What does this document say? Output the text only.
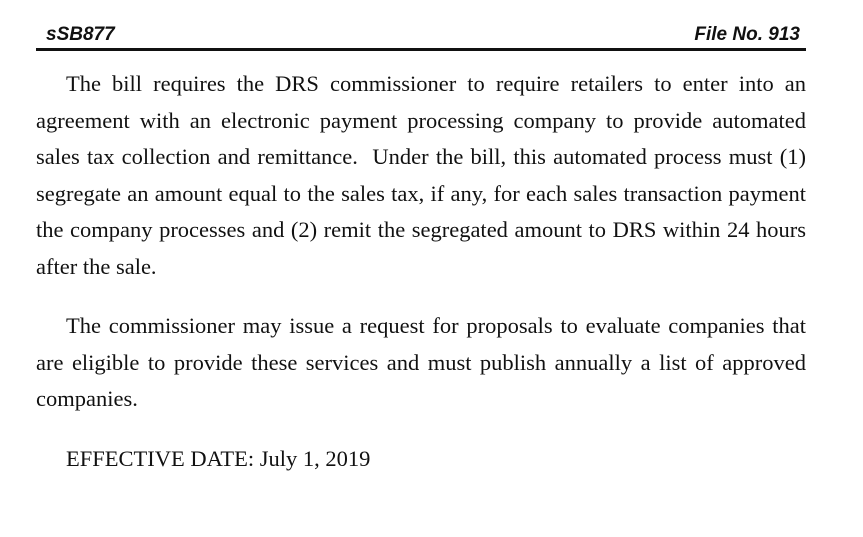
sSB877	File No. 913

The bill requires the DRS commissioner to require retailers to enter into an agreement with an electronic payment processing company to provide automated sales tax collection and remittance.  Under the bill, this automated process must (1) segregate an amount equal to the sales tax, if any, for each sales transaction payment the company processes and (2) remit the segregated amount to DRS within 24 hours after the sale.

The commissioner may issue a request for proposals to evaluate companies that are eligible to provide these services and must publish annually a list of approved companies.

EFFECTIVE DATE: July 1, 2019
